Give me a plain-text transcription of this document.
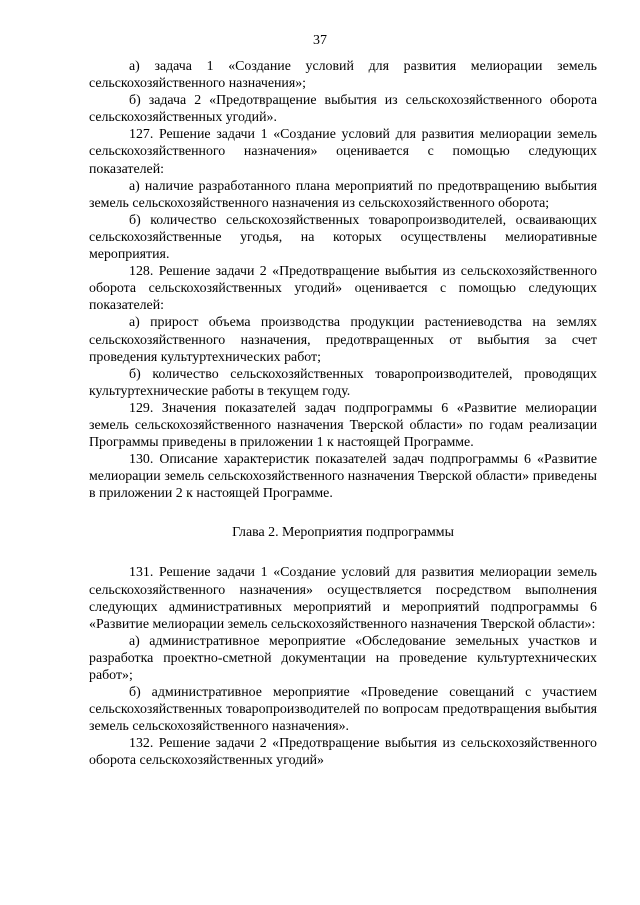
37

а) задача 1 «Создание условий для развития мелиорации земель сельскохозяйственного назначения»;

б) задача 2 «Предотвращение выбытия из сельскохозяйственного оборота сельскохозяйственных угодий».

127. Решение задачи 1 «Создание условий для развития мелиорации земель сельскохозяйственного назначения» оценивается с помощью следующих показателей:

а) наличие разработанного плана мероприятий по предотвращению выбытия земель сельскохозяйственного назначения из сельскохозяйственного оборота;

б) количество сельскохозяйственных товаропроизводителей, осваивающих сельскохозяйственные угодья, на которых осуществлены мелиоративные мероприятия.

128. Решение задачи 2 «Предотвращение выбытия из сельскохозяйственного оборота сельскохозяйственных угодий» оценивается с помощью следующих показателей:

а) прирост объема производства продукции растениеводства на землях сельскохозяйственного назначения, предотвращенных от выбытия за счет проведения культуртехнических работ;

б) количество сельскохозяйственных товаропроизводителей, проводящих культуртехнические работы в текущем году.

129. Значения показателей задач подпрограммы 6 «Развитие мелиорации земель сельскохозяйственного назначения Тверской области» по годам реализации Программы приведены в приложении 1 к настоящей Программе.

130. Описание характеристик показателей задач подпрограммы 6 «Развитие мелиорации земель сельскохозяйственного назначения Тверской области» приведены в приложении 2 к настоящей Программе.

Глава 2. Мероприятия подпрограммы

131. Решение задачи 1 «Создание условий для развития мелиорации земель сельскохозяйственного назначения» осуществляется посредством выполнения следующих административных мероприятий и мероприятий подпрограммы 6 «Развитие мелиорации земель сельскохозяйственного назначения Тверской области»:

а) административное мероприятие «Обследование земельных участков и разработка проектно-сметной документации на проведение культуртехнических работ»;

б) административное мероприятие «Проведение совещаний с участием сельскохозяйственных товаропроизводителей по вопросам предотвращения выбытия земель сельскохозяйственного назначения».

132. Решение задачи 2 «Предотвращение выбытия из сельскохозяйственного оборота сельскохозяйственных угодий»
